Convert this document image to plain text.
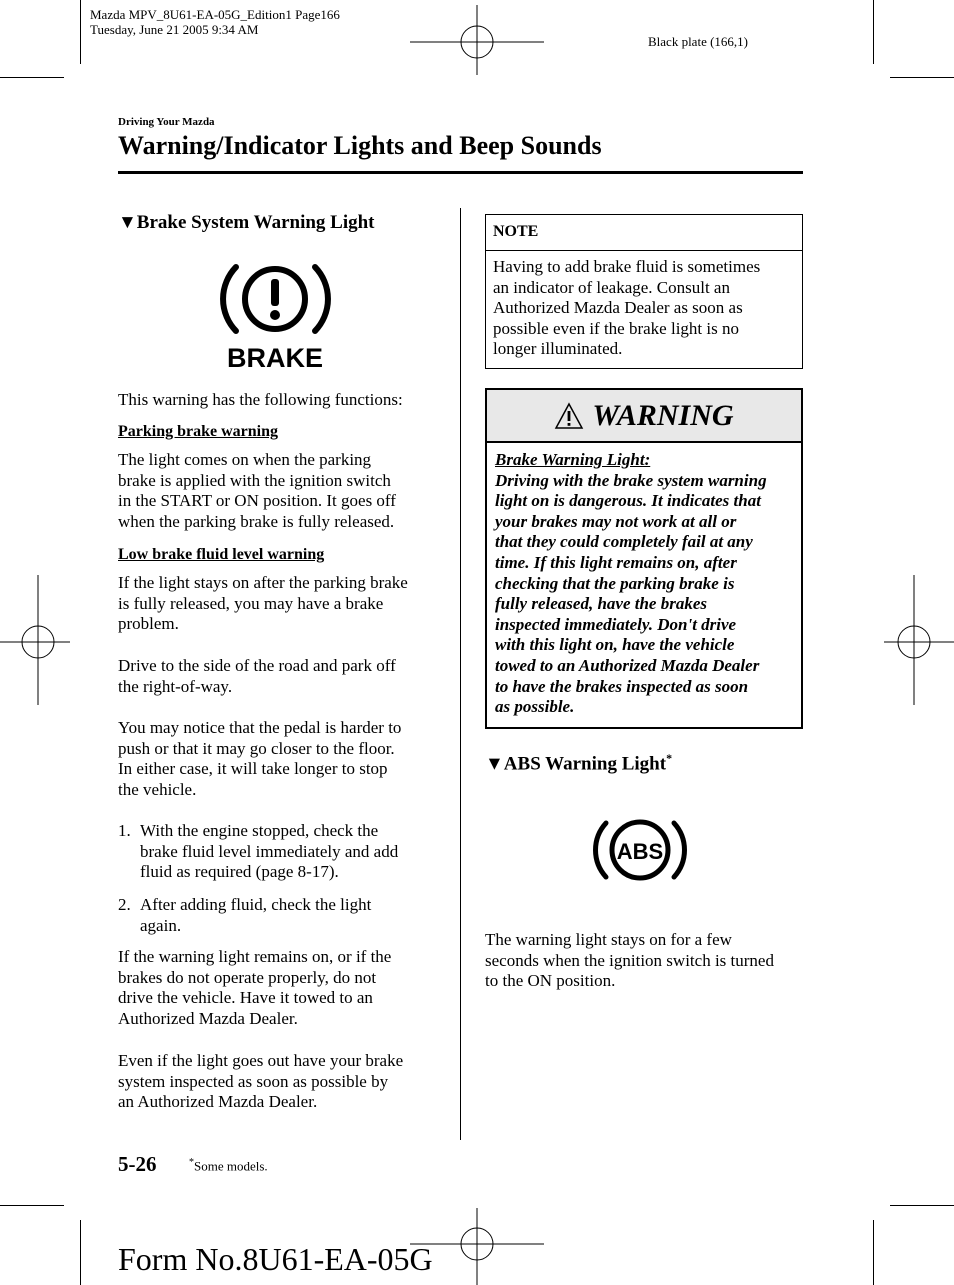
Mazda MPV_8U61-EA-05G_Edition1 Page166
Tuesday, June 21 2005 9:34 AM
Black plate (166,1)
Driving Your Mazda
Warning/Indicator Lights and Beep Sounds
▼Brake System Warning Light
BRAKE
This warning has the following functions:
Parking brake warning
The light comes on when the parking
brake is applied with the ignition switch
in the START or ON position. It goes off
when the parking brake is fully released.
Low brake fluid level warning
If the light stays on after the parking brake
is fully released, you may have a brake
problem.
Drive to the side of the road and park off
the right-of-way.
You may notice that the pedal is harder to
push or that it may go closer to the floor.
In either case, it will take longer to stop
the vehicle.
1. With the engine stopped, check the
brake fluid level immediately and add
fluid as required (page 8-17).
2. After adding fluid, check the light
again.
If the warning light remains on, or if the
brakes do not operate properly, do not
drive the vehicle. Have it towed to an
Authorized Mazda Dealer.
Even if the light goes out have your brake
system inspected as soon as possible by
an Authorized Mazda Dealer.
NOTE
Having to add brake fluid is sometimes
an indicator of leakage. Consult an
Authorized Mazda Dealer as soon as
possible even if the brake light is no
longer illuminated.
WARNING
Brake Warning Light:
Driving with the brake system warning
light on is dangerous. It indicates that
your brakes may not work at all or
that they could completely fail at any
time. If this light remains on, after
checking that the parking brake is
fully released, have the brakes
inspected immediately. Don't drive
with this light on, have the vehicle
towed to an Authorized Mazda Dealer
to have the brakes inspected as soon
as possible.
▼ABS Warning Light*
ABS
The warning light stays on for a few
seconds when the ignition switch is turned
to the ON position.
5-26	*Some models.
Form No.8U61-EA-05G
